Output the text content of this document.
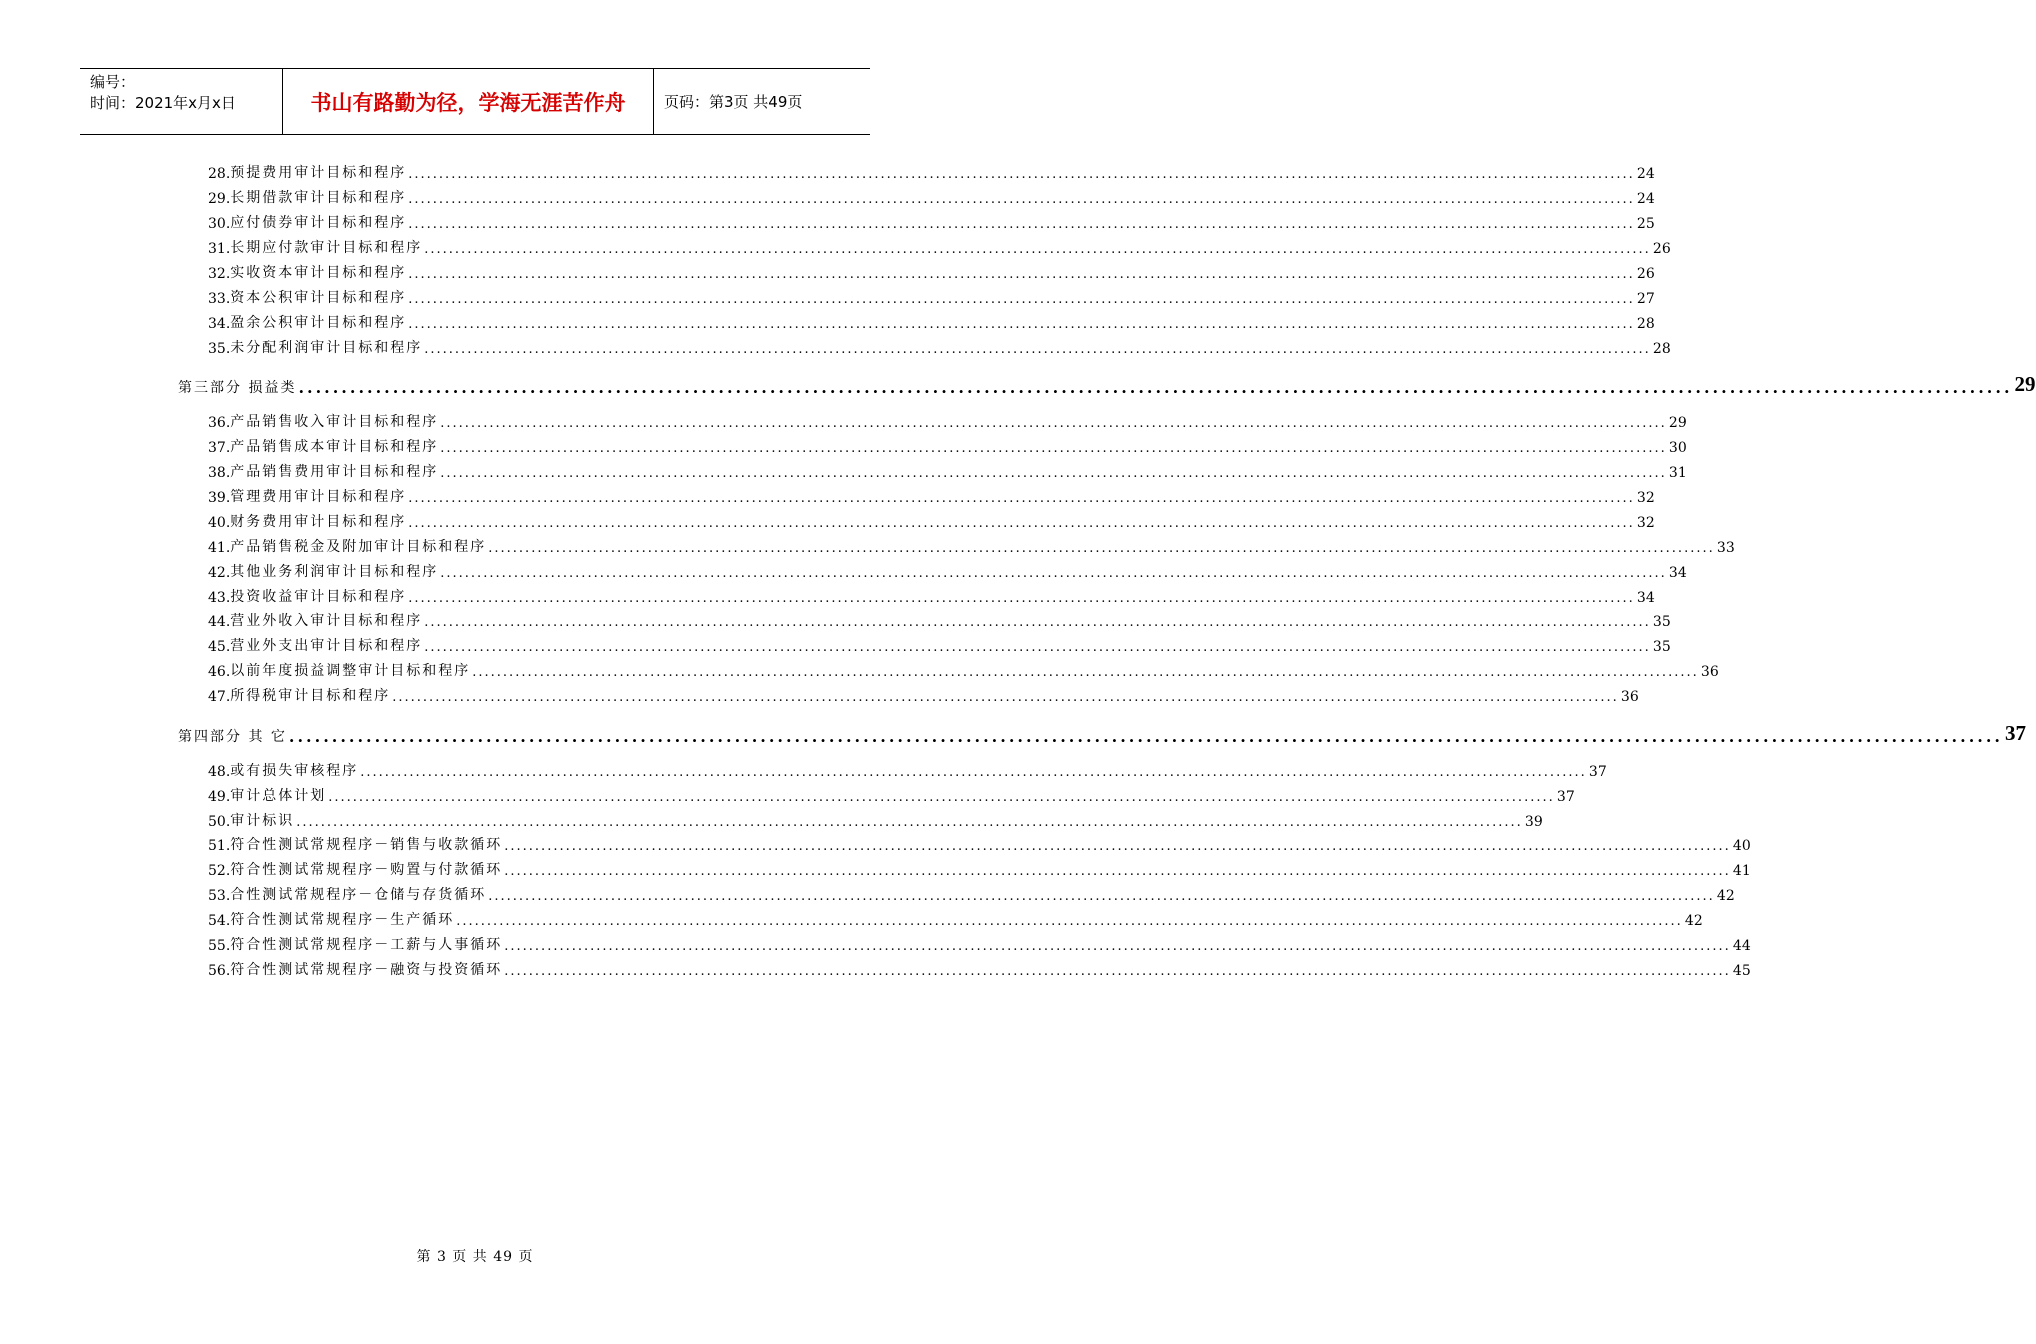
编号：
时间：2021年x月x日	书山有路勤为径，学海无涯苦作舟	页码：第3页 共49页
28. 预提费用审计目标和程序 ........................................................................................................................................................................................................ 24
29. 长期借款审计目标和程序 ........................................................................................................................................................................................................ 24
30. 应付债券审计目标和程序 ........................................................................................................................................................................................................ 25
31. 长期应付款审计目标和程序 ........................................................................................................................................................................................................ 26
32. 实收资本审计目标和程序 ........................................................................................................................................................................................................ 26
33. 资本公积审计目标和程序 ........................................................................................................................................................................................................ 27
34. 盈余公积审计目标和程序 ........................................................................................................................................................................................................ 28
35. 未分配利润审计目标和程序 ........................................................................................................................................................................................................ 28
第三部分 损益类 ........................................................................................................................................................................................................ 29
36. 产品销售收入审计目标和程序 ........................................................................................................................................................................................................ 29
37. 产品销售成本审计目标和程序 ........................................................................................................................................................................................................ 30
38. 产品销售费用审计目标和程序 ........................................................................................................................................................................................................ 31
39. 管理费用审计目标和程序 ........................................................................................................................................................................................................ 32
40. 财务费用审计目标和程序 ........................................................................................................................................................................................................ 32
41. 产品销售税金及附加审计目标和程序 ........................................................................................................................................................................................................ 33
42. 其他业务利润审计目标和程序 ........................................................................................................................................................................................................ 34
43. 投资收益审计目标和程序 ........................................................................................................................................................................................................ 34
44. 营业外收入审计目标和程序 ........................................................................................................................................................................................................ 35
45. 营业外支出审计目标和程序 ........................................................................................................................................................................................................ 35
46. 以前年度损益调整审计目标和程序 ........................................................................................................................................................................................................ 36
47. 所得税审计目标和程序 ........................................................................................................................................................................................................ 36
第四部分 其 它 ........................................................................................................................................................................................................ 37
48. 或有损失审核程序 ........................................................................................................................................................................................................ 37
49. 审计总体计划 ........................................................................................................................................................................................................ 37
50. 审计标识 ........................................................................................................................................................................................................ 39
51. 符合性测试常规程序－销售与收款循环 ........................................................................................................................................................................................................ 40
52. 符合性测试常规程序－购置与付款循环 ........................................................................................................................................................................................................ 41
53. 合性测试常规程序－仓储与存货循环 ........................................................................................................................................................................................................ 42
54. 符合性测试常规程序－生产循环 ........................................................................................................................................................................................................ 42
55. 符合性测试常规程序－工薪与人事循环 ........................................................................................................................................................................................................ 44
56. 符合性测试常规程序－融资与投资循环 ........................................................................................................................................................................................................ 45
第 3 页 共 49 页
